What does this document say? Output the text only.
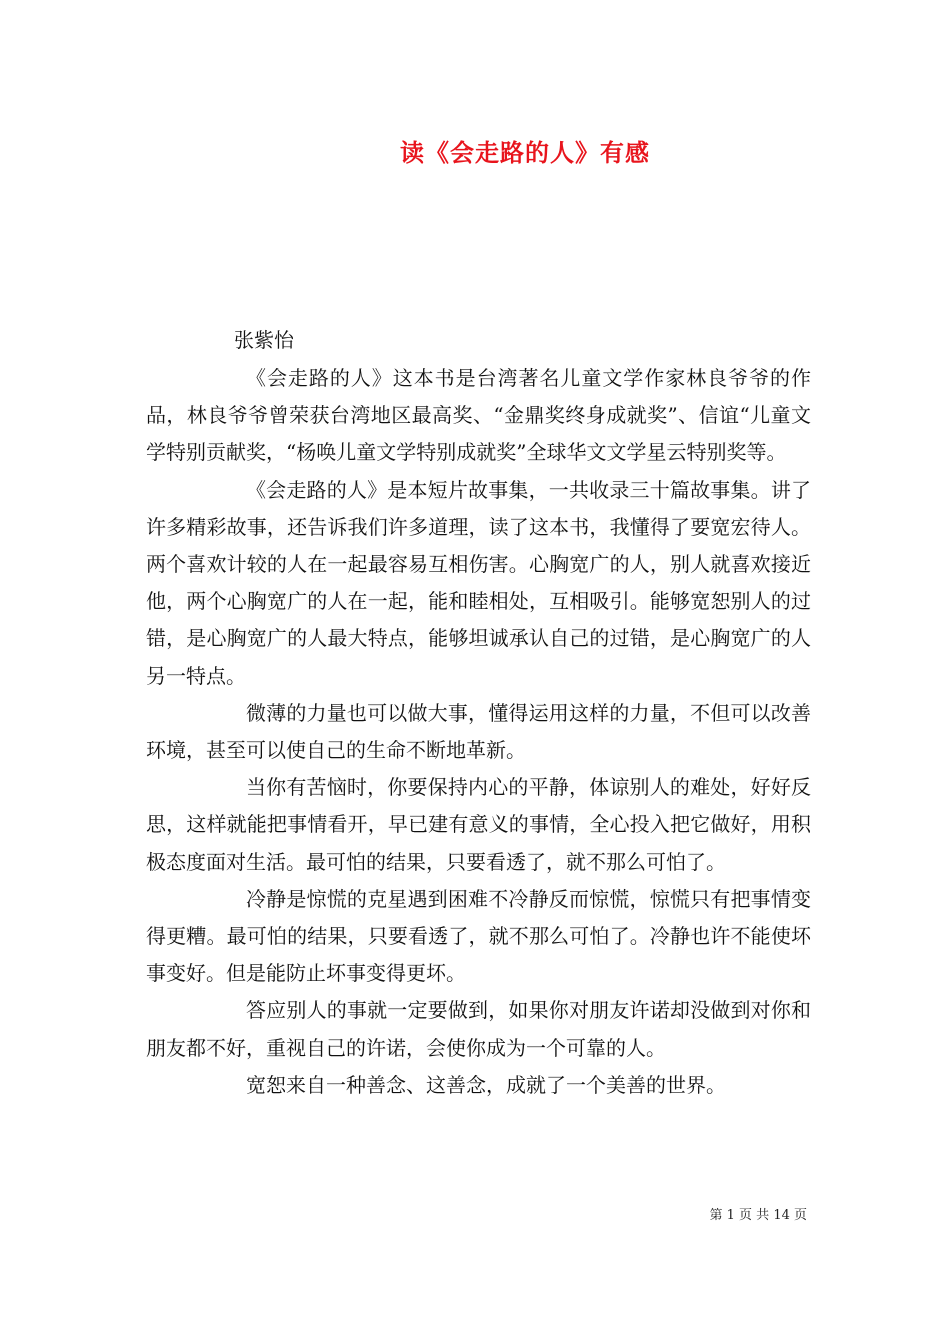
读《会走路的人》有感
张紫怡

《会走路的人》这本书是台湾著名儿童文学作家林良爷爷的作品，林良爷爷曾荣获台湾地区最高奖、“金鼎奖终身成就奖”、信谊“儿童文学特别贡献奖，“杨唤儿童文学特别成就奖”全球华文文学星云特别奖等。

《会走路的人》是本短片故事集，一共收录三十篇故事集。讲了许多精彩故事，还告诉我们许多道理，读了这本书，我懂得了要宽宏待人。两个喜欢计较的人在一起最容易互相伤害。心胸宽广的人，别人就喜欢接近他，两个心胸宽广的人在一起，能和睦相处，互相吸引。能够宽恕别人的过错，是心胸宽广的人最大特点，能够坦诚承认自己的过错，是心胸宽广的人另一特点。

微薄的力量也可以做大事，懂得运用这样的力量，不但可以改善环境，甚至可以使自己的生命不断地革新。

当你有苦恼时，你要保持内心的平静，体谅别人的难处，好好反思，这样就能把事情看开，早已建有意义的事情，全心投入把它做好，用积极态度面对生活。最可怕的结果，只要看透了，就不那么可怕了。

冷静是惊慌的克星遇到困难不冷静反而惊慌，惊慌只有把事情变得更糟。最可怕的结果，只要看透了，就不那么可怕了。冷静也许不能使坏事变好。但是能防止坏事变得更坏。

答应别人的事就一定要做到，如果你对朋友许诺却没做到对你和朋友都不好，重视自己的许诺，会使你成为一个可靠的人。

宽恕来自一种善念、这善念，成就了一个美善的世界。

第 1 页 共 14 页
